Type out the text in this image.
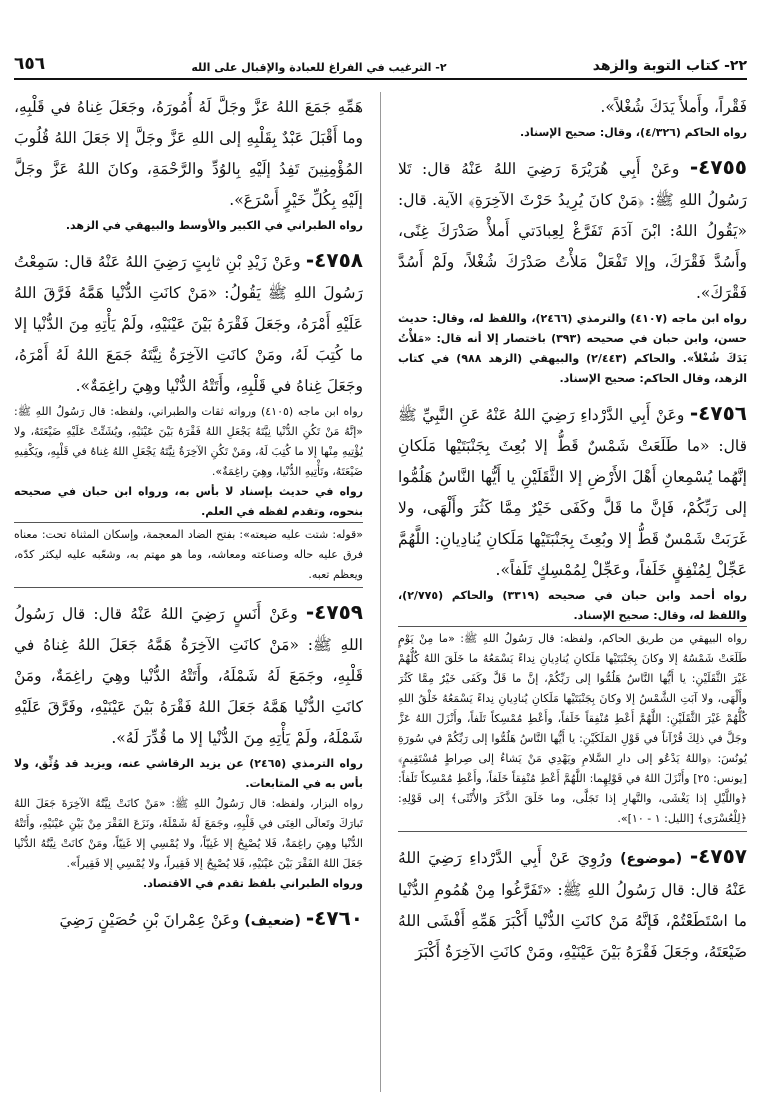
٢٢- كتاب التوبة والزهد
٢- الترغيب في الفراغ للعبادة والإقبال على الله
٦٥٦

فَقْراً، وأَملأَ يَدَكَ شُغْلاً».

رواه الحاكم (٤/٣٢٦)، وقال: صحيح الإسناد.

٤٧٥٥- وعَنْ أَبِي هُرَيْرَةَ رَضِيَ اللهُ عَنْهُ قال: تَلا رَسُولُ اللهِ ﷺ: ﴿مَنْ كانَ يُرِيدُ حَرْثَ الآخِرَةِ﴾ الآية. قال: «يَقُولُ اللهُ: ابْنَ آدَمَ تَفَرَّغْ لِعِبادَتي أَملأْ صَدْرَكَ غِنًى، وأَسُدَّ فَقْرَكَ، وإلا تَفْعَلْ مَلأْتُ صَدْرَكَ شُغْلاً، ولَمْ أَسُدَّ فَقْرَكَ».

رواه ابن ماجه (٤١٠٧) والترمذي (٢٤٦٦)، واللفظ له، وقال: حديث حسن، وابن حبان في صحيحه (٣٩٣) باختصار إلا أنه قال: «مَلأْتُ يَدَكَ شُغْلاً». والحاكم (٢/٤٤٣) والبيهقي (الزهد ٩٨٨) في كتاب الزهد، وقال الحاكم: صحيح الإسناد.

٤٧٥٦- وعَنْ أَبِي الدَّرْداءِ رَضِيَ اللهُ عَنْهُ عَنِ النَّبِيِّ ﷺ قال: «ما طَلَعَتْ شَمْسٌ قَطُّ إلا بُعِثَ بِجَنْبَتَيْها مَلَكانِ إنَّهُما يُسْمِعانِ أَهْلَ الأَرْضِ إلا الثَّقَلَيْنِ يا أَيُّها النَّاسُ هَلُمُّوا إلى رَبِّكُمْ، فَإنَّ ما قَلَّ وكَفَى خَيْرٌ مِمَّا كَثُرَ وأَلْهَى، ولا غَرَبَتْ شَمْسٌ قَطُّ إلا وبُعِثَ بِجَنْبَتَيْها مَلَكانِ يُنادِيانِ: اللَّهُمَّ عَجِّلْ لِمُنْفِقٍ خَلَفاً، وعَجِّلْ لِمُمْسِكٍ تَلَفاً».

رواه أحمد وابن حبان في صحيحه (٣٣١٩) والحاكم (٢/٧٧٥)، واللفظ له، وقال: صحيح الإسناد.

رواه البيهقي من طريق الحاكم، ولفظه: قال رَسُولُ اللهِ ﷺ: «ما مِنْ يَوْمٍ طَلَعَتْ شَمْسُهُ إلا وكانَ بِجَنْبَتَيْها مَلَكانِ يُنادِيانِ نِداءً يَسْمَعُهُ ما خَلَقَ اللهُ كُلُّهُمْ غَيْرَ الثَّقَلَيْنِ: يا أَيُّها النَّاسُ هَلُمُّوا إلى رَبِّكُمْ، إنَّ ما قَلَّ وكَفَى خَيْرٌ مِمَّا كَثُرَ وأَلْهَى، ولا آبَتِ الشَّمْسُ إلا وكانَ بِجَنْبَتَيْها مَلَكانِ يُنادِيانِ نِداءً يَسْمَعُهُ خَلْقُ اللهِ كُلُّهُمْ غَيْرَ الثَّقَلَيْنِ: اللَّهُمَّ أَعْطِ مُنْفِقاً خَلَفاً، وأَعْطِ مُمْسِكاً تَلَفاً، وأَنْزَلَ اللهُ عَزَّ وجَلَّ في ذلِكَ قُرْآناً في قَوْلِ المَلَكَيْنِ: يا أَيُّها النَّاسُ هَلُمُّوا إلى رَبِّكُمْ في سُورَةِ يُونُسَ: ﴿واللهُ يَدْعُو إلى دارِ السَّلامِ ويَهْدِي مَنْ يَشاءُ إلى صِراطٍ مُسْتَقِيمٍ﴾ [يونس: ٢٥] وأَنْزَلَ اللهُ في قَوْلِهِما: اللَّهُمَّ أَعْطِ مُنْفِقاً خَلَفاً، وأَعْطِ مُمْسِكاً تَلَفاً: ﴿واللَّيْلِ إذا يَغْشَى، والنَّهارِ إذا تَجَلَّى، وما خَلَقَ الذَّكَرَ والأُنْثَى﴾ إلى قَوْلِهِ: ﴿لِلْعُسْرَى﴾ [الليل: ١ - ١٠]».

٤٧٥٧- (موضوع) ورُوِيَ عَنْ أَبِي الدَّرْداءِ رَضِيَ اللهُ عَنْهُ قال: قال رَسُولُ اللهِ ﷺ: «تَفَرَّغُوا مِنْ هُمُومِ الدُّنْيا ما اسْتَطَعْتُمْ، فَإنَّهُ مَنْ كانَتِ الدُّنْيا أَكْبَرَ هَمِّهِ أَفْشَى اللهُ ضَيْعَتَهُ، وجَعَلَ فَقْرَهُ بَيْنَ عَيْنَيْهِ، ومَنْ كانَتِ الآخِرَةُ أَكْبَرَ

هَمِّهِ جَمَعَ اللهُ عَزَّ وجَلَّ لَهُ أُمُورَهُ، وجَعَلَ غِناهُ في قَلْبِهِ، وما أَقْبَلَ عَبْدٌ بِقَلْبِهِ إلى اللهِ عَزَّ وجَلَّ إلا جَعَلَ اللهُ قُلُوبَ المُؤْمِنِينَ تَفِدُ إلَيْهِ بِالوُدِّ والرَّحْمَةِ، وكانَ اللهُ عَزَّ وجَلَّ إلَيْهِ بِكُلِّ خَيْرٍ أَسْرَعَ».

رواه الطبراني في الكبير والأوسط والبيهقي في الزهد.

٤٧٥٨- وعَنْ زَيْدِ بْنِ ثابِتٍ رَضِيَ اللهُ عَنْهُ قال: سَمِعْتُ رَسُولَ اللهِ ﷺ يَقُولُ: «مَنْ كانَتِ الدُّنْيا هَمَّهُ فَرَّقَ اللهُ عَلَيْهِ أَمْرَهُ، وجَعَلَ فَقْرَهُ بَيْنَ عَيْنَيْهِ، ولَمْ يَأْتِهِ مِنَ الدُّنْيا إلا ما كُتِبَ لَهُ، ومَنْ كانَتِ الآخِرَةُ نِيَّتَهُ جَمَعَ اللهُ لَهُ أَمْرَهُ، وجَعَلَ غِناهُ في قَلْبِهِ، وأَتَتْهُ الدُّنْيا وهِيَ راغِمَةٌ».

رواه ابن ماجه (٤١٠٥) ورواته ثقات والطبراني، ولفظه: قال رَسُولُ اللهِ ﷺ: «إنَّهُ مَنْ تَكُنِ الدُّنْيا نِيَّتَهُ يَجْعَلِ اللهُ فَقْرَهُ بَيْنَ عَيْنَيْهِ، ويُشَتِّتْ عَلَيْهِ ضَيْعَتَهُ، ولا يُؤْتِيهِ مِنْها إلا ما كُتِبَ لَهُ، ومَنْ تَكُنِ الآخِرَةُ نِيَّتَهُ يَجْعَلِ اللهُ غِناهُ في قَلْبِهِ، ويَكْفِيهِ ضَيْعَتَهُ، وتَأْتِيهِ الدُّنْيا، وهِيَ راغِمَةٌ».

رواه في حديث بإسناد لا بأس به، ورواه ابن حبان في صحيحه بنحوه، وتقدم لفظه في العلم.

«قوله: شتت عليه ضيعته»: بفتح الضاد المعجمة، وإسكان المثناة تحت: معناه فرق عليه حاله وصناعته ومعاشه، وما هو مهتم به، وشعّبه عليه ليكثر كدّه، ويعظم تعبه.

٤٧٥٩- وعَنْ أَنَسٍ رَضِيَ اللهُ عَنْهُ قال: قال رَسُولُ اللهِ ﷺ: «مَنْ كانَتِ الآخِرَةُ هَمَّهُ جَعَلَ اللهُ غِناهُ في قَلْبِهِ، وجَمَعَ لَهُ شَمْلَهُ، وأَتَتْهُ الدُّنْيا وهِيَ راغِمَةٌ، ومَنْ كانَتِ الدُّنْيا هَمَّهُ جَعَلَ اللهُ فَقْرَهُ بَيْنَ عَيْنَيْهِ، وفَرَّقَ عَلَيْهِ شَمْلَهُ، ولَمْ يَأْتِهِ مِنَ الدُّنْيا إلا ما قُدِّرَ لَهُ».

رواه الترمذي (٢٤٦٥) عن يزيد الرقاشي عنه، ويزيد قد وُثِّق، ولا بأس به في المتابعات.

رواه البزار، ولفظه: قال رَسُولُ اللهِ ﷺ: «مَنْ كانَتْ نِيَّتُهُ الآخِرَةَ جَعَلَ اللهُ تَبارَكَ وتَعالَى الغِنَى في قَلْبِهِ، وجَمَعَ لَهُ شَمْلَهُ، ونَزَعَ الفَقْرَ مِنْ بَيْنِ عَيْنَيْهِ، وأَتَتْهُ الدُّنْيا وهِيَ راغِمَةٌ، فَلا يُصْبِحُ إلا غَنِيّاً، ولا يُمْسِي إلا غَنِيّاً، ومَنْ كانَتْ نِيَّتُهُ الدُّنْيا جَعَلَ اللهُ الفَقْرَ بَيْنَ عَيْنَيْهِ، فَلا يُصْبِحُ إلا فَقِيراً، ولا يُمْسِي إلا فَقِيراً».

ورواه الطبراني بلفظ تقدم في الاقتصاد.

٤٧٦٠- (ضعيف) وعَنْ عِمْرانَ بْنِ حُصَيْنٍ رَضِيَ
